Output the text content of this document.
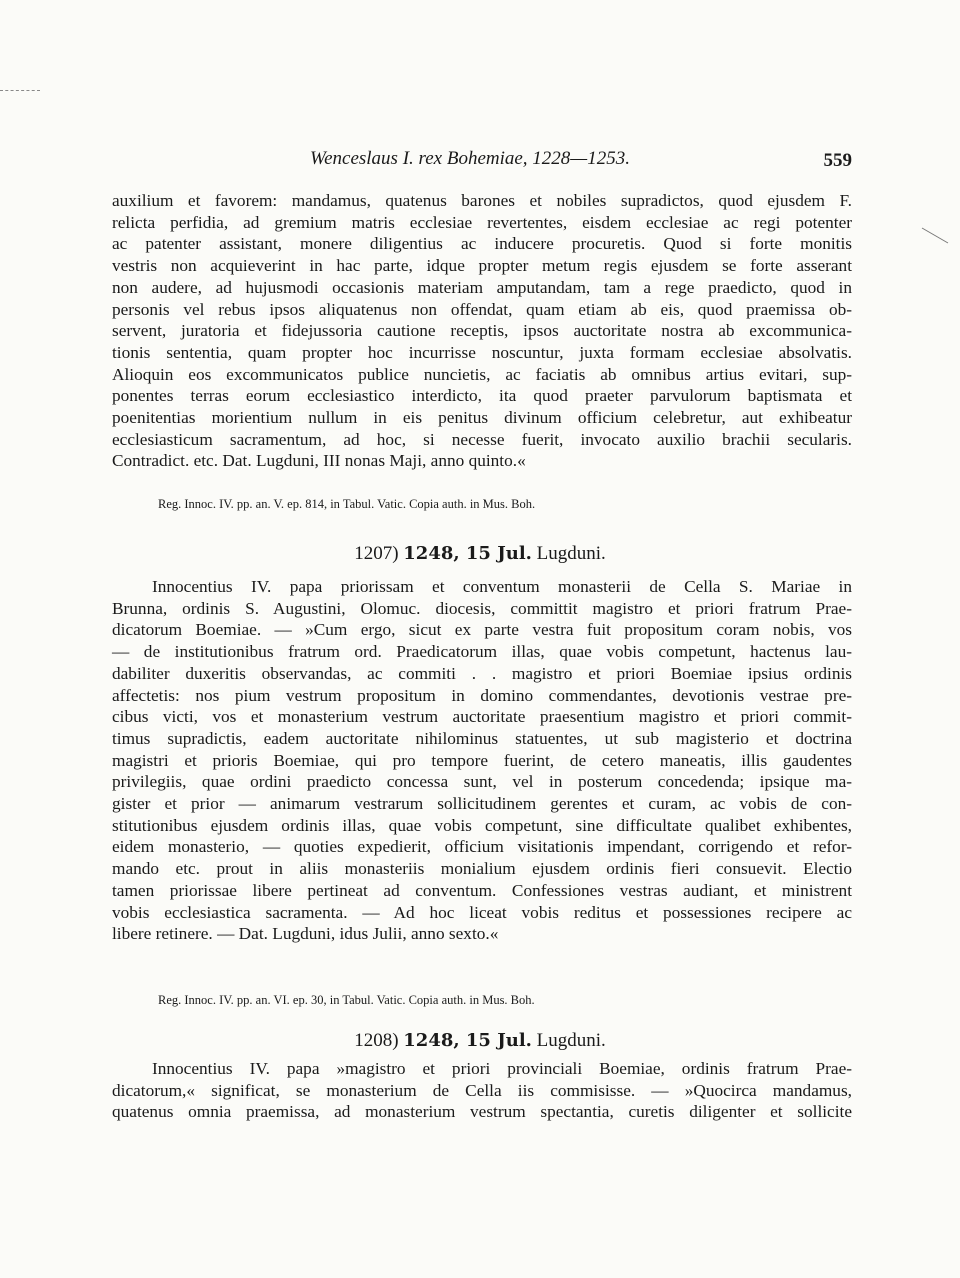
Wenceslaus I. rex Bohemiae, 1228—1253.	559
auxilium et favorem: mandamus, quatenus barones et nobiles supradictos, quod ejusdem F.
relicta perfidia, ad gremium matris ecclesiae revertentes, eisdem ecclesiae ac regi potenter
ac patenter assistant, monere diligentius ac inducere procuretis. Quod si forte monitis
vestris non acquieverint in hac parte, idque propter metum regis ejusdem se forte asserant
non audere, ad hujusmodi occasionis materiam amputandam, tam a rege praedicto, quod in
personis vel rebus ipsos aliquatenus non offendat, quam etiam ab eis, quod praemissa ob-
servent, juratoria et fidejussoria cautione receptis, ipsos auctoritate nostra ab excommunica-
tionis sententia, quam propter hoc incurrisse noscuntur, juxta formam ecclesiae absolvatis.
Alioquin eos excommunicatos publice nuncietis, ac faciatis ab omnibus artius evitari, sup-
ponentes terras eorum ecclesiastico interdicto, ita quod praeter parvulorum baptismata et
poenitentias morientium nullum in eis penitus divinum officium celebretur, aut exhibeatur
ecclesiasticum sacramentum, ad hoc, si necesse fuerit, invocato auxilio brachii secularis.
Contradict. etc. Dat. Lugduni, III nonas Maji, anno quinto.«
Reg. Innoc. IV. pp. an. V. ep. 814, in Tabul. Vatic. Copia auth. in Mus. Boh.
1207) 1248, 15 Jul. Lugduni.
Innocentius IV. papa priorissam et conventum monasterii de Cella S. Mariae in
Brunna, ordinis S. Augustini, Olomuc. diocesis, committit magistro et priori fratrum Prae-
dicatorum Boemiae. — »Cum ergo, sicut ex parte vestra fuit propositum coram nobis, vos
— de institutionibus fratrum ord. Praedicatorum illas, quae vobis competunt, hactenus lau-
dabiliter duxeritis observandas, ac commiti . . magistro et priori Boemiae ipsius ordinis
affectetis: nos pium vestrum propositum in domino commendantes, devotionis vestrae pre-
cibus victi, vos et monasterium vestrum auctoritate praesentium magistro et priori commit-
timus supradictis, eadem auctoritate nihilominus statuentes, ut sub magisterio et doctrina
magistri et prioris Boemiae, qui pro tempore fuerint, de cetero maneatis, illis gaudentes
privilegiis, quae ordini praedicto concessa sunt, vel in posterum concedenda; ipsique ma-
gister et prior — animarum vestrarum sollicitudinem gerentes et curam, ac vobis de con-
stitutionibus ejusdem ordinis illas, quae vobis competunt, sine difficultate qualibet exhibentes,
eidem monasterio, — quoties expedierit, officium visitationis impendant, corrigendo et refor-
mando etc. prout in aliis monasteriis monialium ejusdem ordinis fieri consuevit. Electio
tamen priorissae libere pertineat ad conventum. Confessiones vestras audiant, et ministrent
vobis ecclesiastica sacramenta. — Ad hoc liceat vobis reditus et possessiones recipere ac
libere retinere. — Dat. Lugduni, idus Julii, anno sexto.«
Reg. Innoc. IV. pp. an. VI. ep. 30, in Tabul. Vatic. Copia auth. in Mus. Boh.
1208) 1248, 15 Jul. Lugduni.
Innocentius IV. papa »magistro et priori provinciali Boemiae, ordinis fratrum Prae-
dicatorum,« significat, se monasterium de Cella iis commisisse. — »Quocirca mandamus,
quatenus omnia praemissa, ad monasterium vestrum spectantia, curetis diligenter et sollicite
